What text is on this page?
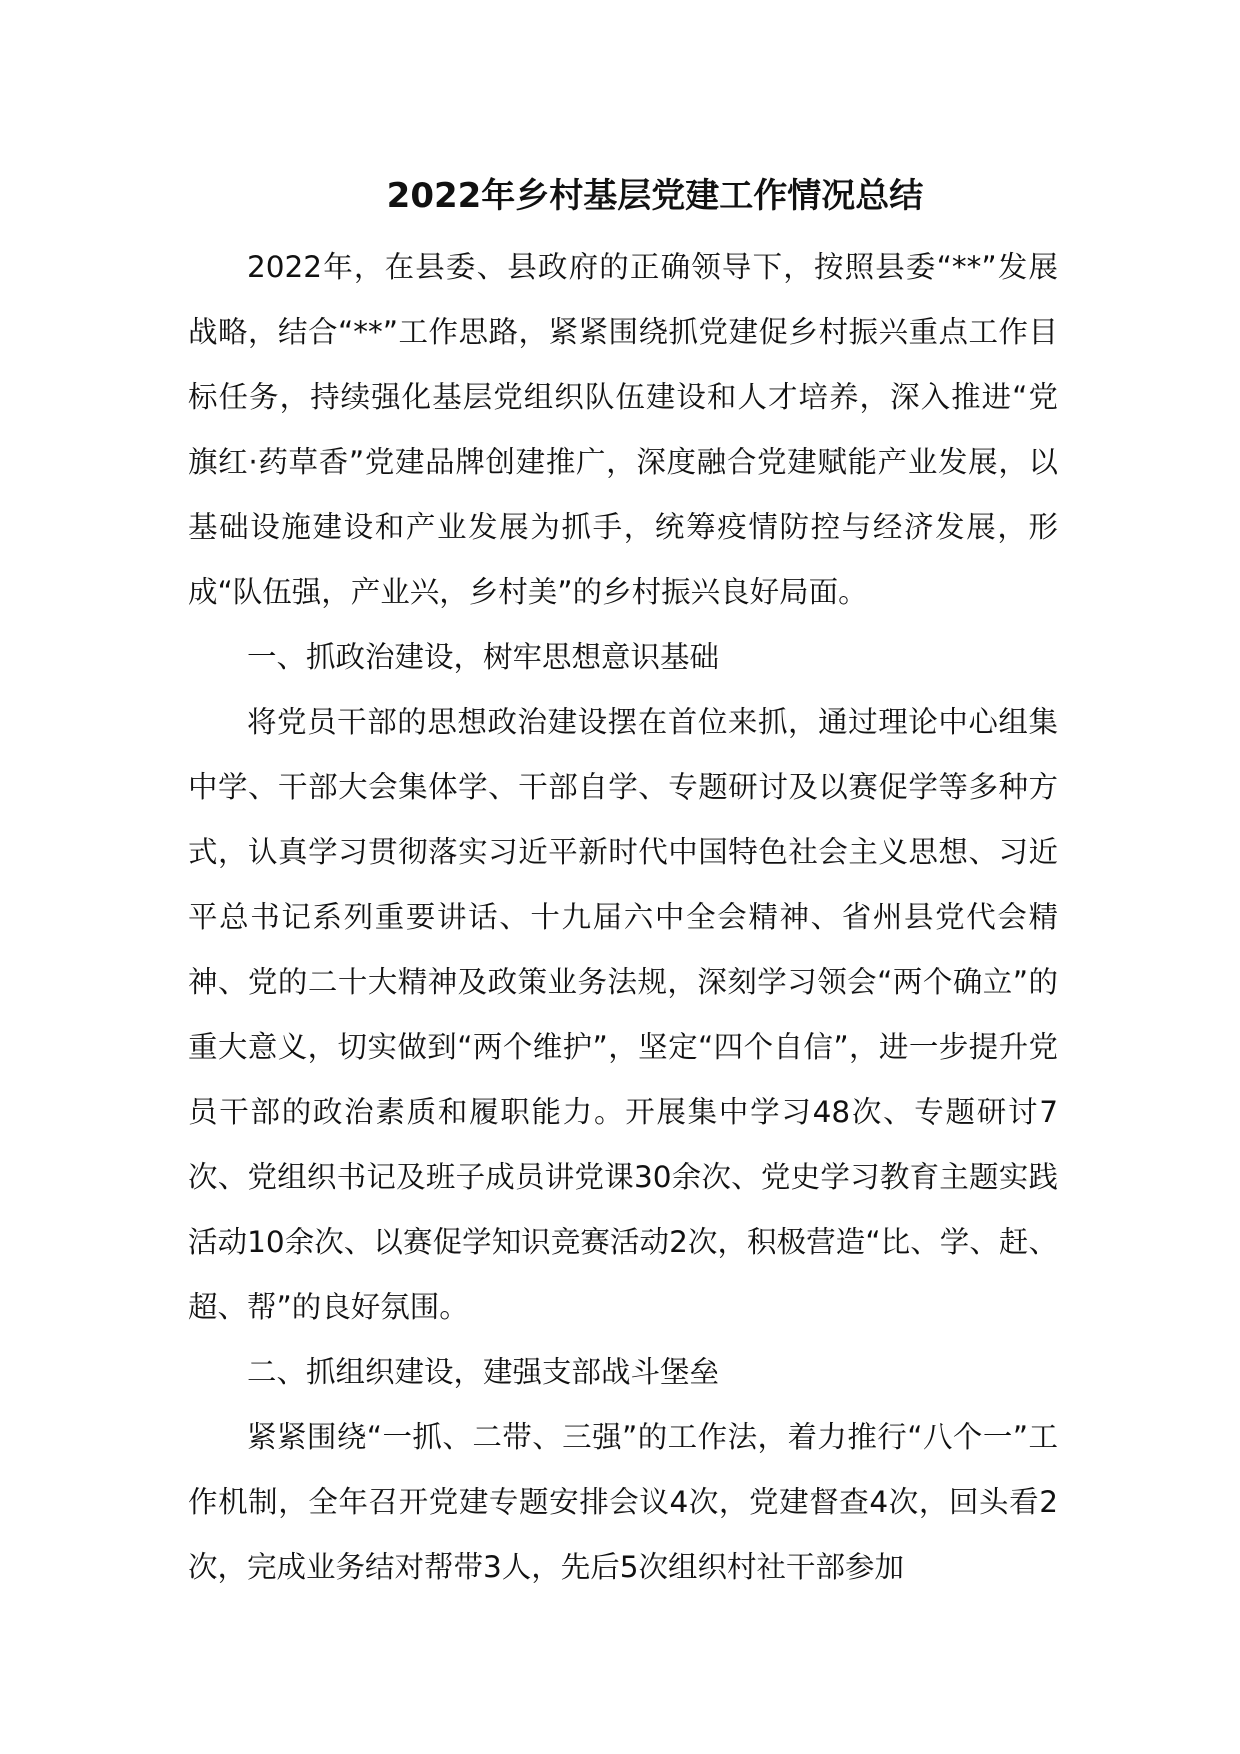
2022年乡村基层党建工作情况总结

2022年，在县委、县政府的正确领导下，按照县委“**”发展战略，结合“**”工作思路，紧紧围绕抓党建促乡村振兴重点工作目标任务，持续强化基层党组织队伍建设和人才培养，深入推进“党旗红·药草香”党建品牌创建推广，深度融合党建赋能产业发展，以基础设施建设和产业发展为抓手，统筹疫情防控与经济发展，形成“队伍强，产业兴，乡村美”的乡村振兴良好局面。

一、抓政治建设，树牢思想意识基础

将党员干部的思想政治建设摆在首位来抓，通过理论中心组集中学、干部大会集体学、干部自学、专题研讨及以赛促学等多种方式，认真学习贯彻落实习近平新时代中国特色社会主义思想、习近平总书记系列重要讲话、十九届六中全会精神、省州县党代会精神、党的二十大精神及政策业务法规，深刻学习领会“两个确立”的重大意义，切实做到“两个维护”，坚定“四个自信”，进一步提升党员干部的政治素质和履职能力。开展集中学习48次、专题研讨7次、党组织书记及班子成员讲党课30余次、党史学习教育主题实践活动10余次、以赛促学知识竞赛活动2次，积极营造“比、学、赶、超、帮”的良好氛围。

二、抓组织建设，建强支部战斗堡垒

紧紧围绕“一抓、二带、三强”的工作法，着力推行“八个一”工作机制，全年召开党建专题安排会议4次，党建督查4次，回头看2次，完成业务结对帮带3人，先后5次组织村社干部参加
